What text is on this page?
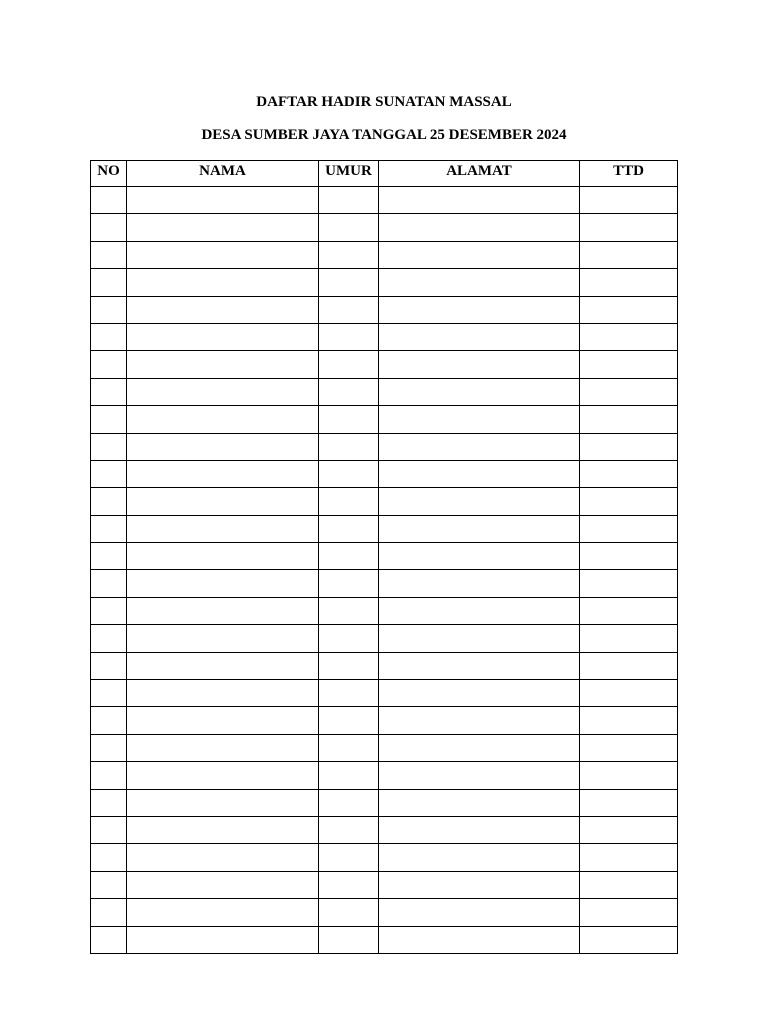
DAFTAR HADIR SUNATAN MASSAL
DESA SUMBER JAYA TANGGAL 25 DESEMBER 2024
NO	NAMA	UMUR	ALAMAT	TTD
